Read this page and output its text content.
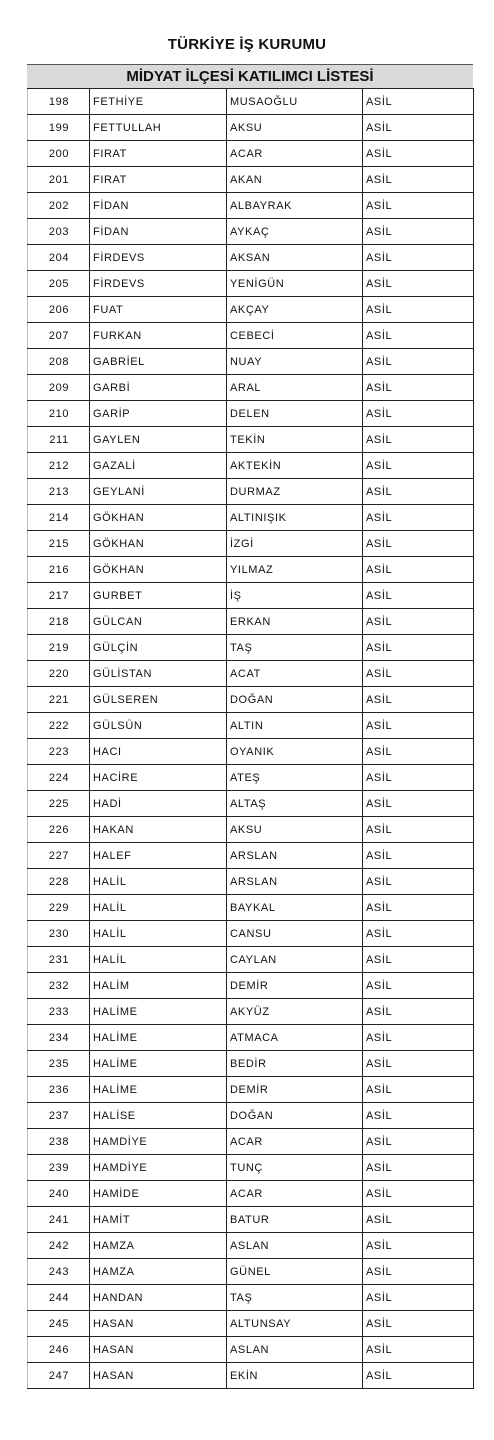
TÜRKİYE İŞ KURUMU
MİDYAT İLÇESİ KATILIMCI LİSTESİ
198	FETHİYE	MUSAOĞLU	ASİL
199	FETTULLAH	AKSU	ASİL
200	FIRAT	ACAR	ASİL
201	FIRAT	AKAN	ASİL
202	FİDAN	ALBAYRAK	ASİL
203	FİDAN	AYKAÇ	ASİL
204	FİRDEVS	AKSAN	ASİL
205	FİRDEVS	YENİGÜN	ASİL
206	FUAT	AKÇAY	ASİL
207	FURKAN	CEBECİ	ASİL
208	GABRİEL	NUAY	ASİL
209	GARBİ	ARAL	ASİL
210	GARİP	DELEN	ASİL
211	GAYLEN	TEKİN	ASİL
212	GAZALİ	AKTEKİN	ASİL
213	GEYLANİ	DURMAZ	ASİL
214	GÖKHAN	ALTINIŞIK	ASİL
215	GÖKHAN	İZGİ	ASİL
216	GÖKHAN	YILMAZ	ASİL
217	GURBET	İŞ	ASİL
218	GÜLCAN	ERKAN	ASİL
219	GÜLÇİN	TAŞ	ASİL
220	GÜLİSTAN	ACAT	ASİL
221	GÜLSEREN	DOĞAN	ASİL
222	GÜLSÜN	ALTIN	ASİL
223	HACI	OYANIK	ASİL
224	HACİRE	ATEŞ	ASİL
225	HADİ	ALTAŞ	ASİL
226	HAKAN	AKSU	ASİL
227	HALEF	ARSLAN	ASİL
228	HALİL	ARSLAN	ASİL
229	HALİL	BAYKAL	ASİL
230	HALİL	CANSU	ASİL
231	HALİL	CAYLAN	ASİL
232	HALİM	DEMİR	ASİL
233	HALİME	AKYÜZ	ASİL
234	HALİME	ATMACA	ASİL
235	HALİME	BEDİR	ASİL
236	HALİME	DEMİR	ASİL
237	HALİSE	DOĞAN	ASİL
238	HAMDİYE	ACAR	ASİL
239	HAMDİYE	TUNÇ	ASİL
240	HAMİDE	ACAR	ASİL
241	HAMİT	BATUR	ASİL
242	HAMZA	ASLAN	ASİL
243	HAMZA	GÜNEL	ASİL
244	HANDAN	TAŞ	ASİL
245	HASAN	ALTUNSAY	ASİL
246	HASAN	ASLAN	ASİL
247	HASAN	EKİN	ASİL
